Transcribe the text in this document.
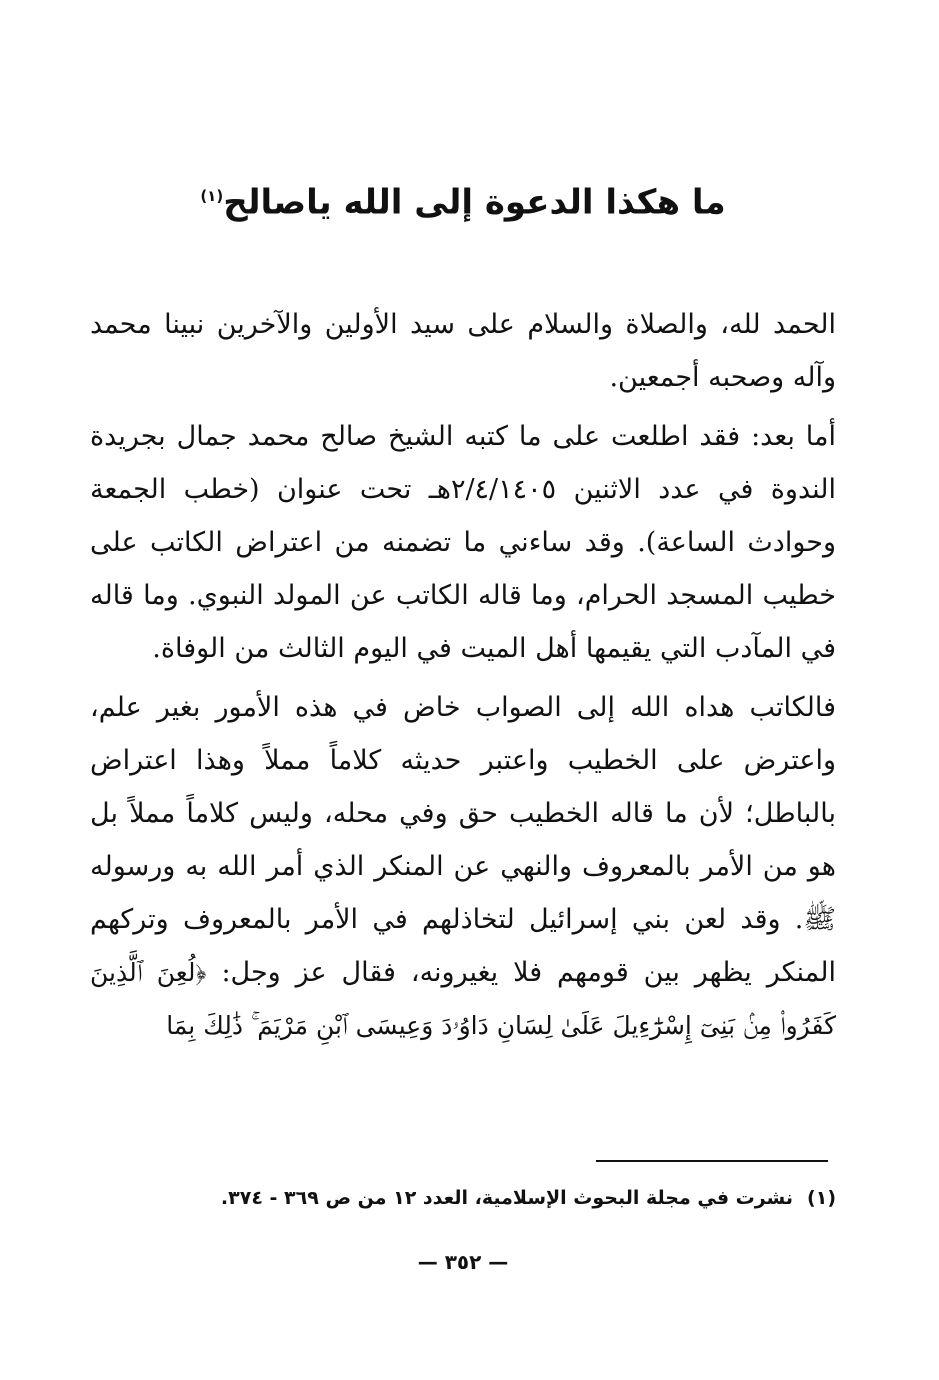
ما هكذا الدعوة إلى الله ياصالح$^{(١)}$

الحمد لله، والصلاة والسلام على سيد الأولين والآخرين نبينا محمد وآله وصحبه أجمعين.

أما بعد: فقد اطلعت على ما كتبه الشيخ صالح محمد جمال بجريدة الندوة في عدد الاثنين ٢/٤/١٤٠٥هـ تحت عنوان (خطب الجمعة وحوادث الساعة). وقد ساءني ما تضمنه من اعتراض الكاتب على خطيب المسجد الحرام، وما قاله الكاتب عن المولد النبوي. وما قاله في المآدب التي يقيمها أهل الميت في اليوم الثالث من الوفاة.

فالكاتب هداه الله إلى الصواب خاض في هذه الأمور بغير علم، واعترض على الخطيب واعتبر حديثه كلاماً مملاً وهذا اعتراض بالباطل؛ لأن ما قاله الخطيب حق وفي محله، وليس كلاماً مملاً بل هو من الأمر بالمعروف والنهي عن المنكر الذي أمر الله به ورسوله ﷺ. وقد لعن بني إسرائيل لتخاذلهم في الأمر بالمعروف وتركهم المنكر يظهر بين قومهم فلا يغيرونه، فقال عز وجل: ﴿لُعِنَ ٱلَّذِينَ كَفَرُوا۟ مِنۢ بَنِىٓ إِسْرَٰٓءِيلَ عَلَىٰ لِسَانِ دَاوُۥدَ وَعِيسَى ٱبْنِ مَرْيَمَ ۚ ذَٰلِكَ بِمَا

(١)نشرت في مجلة البحوث الإسلامية، العدد ١٢ من ص ٣٦٩ - ٣٧٤.
— ٣٥٢ —
